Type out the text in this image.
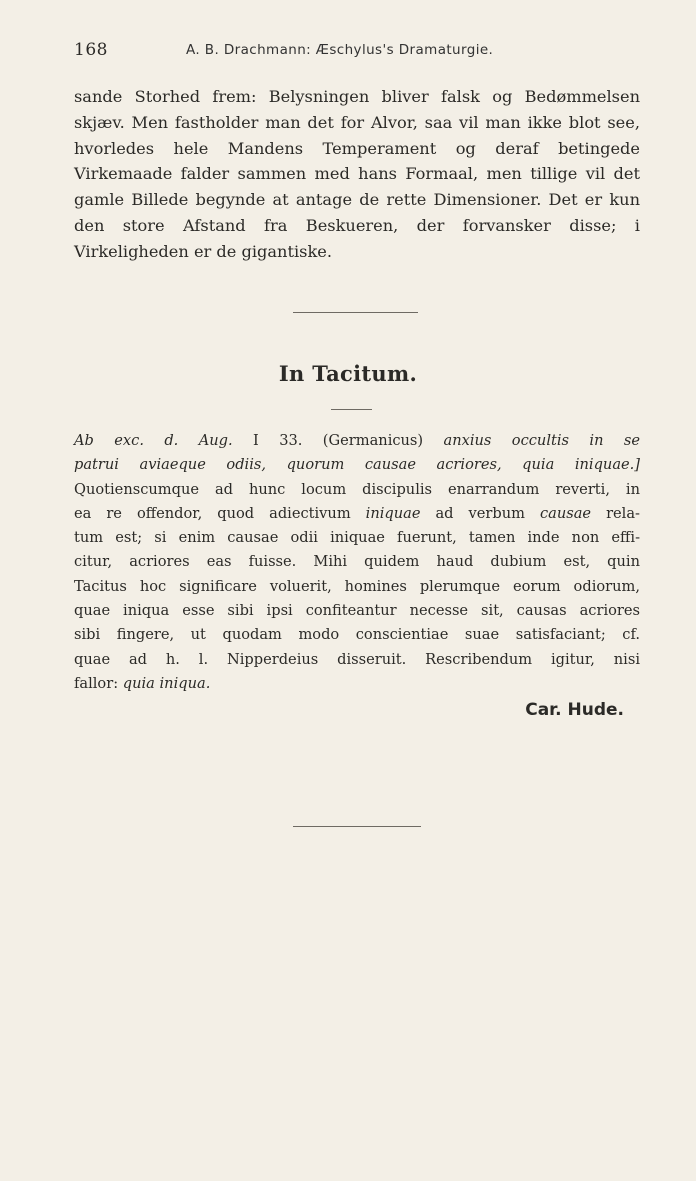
168	A. B. Drachmann: Æschylus's Dramaturgie.
sande Storhed frem: Belysningen bliver falsk og Bedømmelsen skjæv. Men fastholder man det for Alvor, saa vil man ikke blot see, hvorledes hele Mandens Temperament og deraf betingede Virkemaade falder sammen med hans Formaal, men tillige vil det gamle Billede begynde at antage de rette Dimensioner. Det er kun den store Afstand fra Beskueren, der forvansker disse; i Virkeligheden er de gigantiske.
In Tacitum.
Ab exc. d. Aug. I 33. (Germanicus) anxius occultis in se
patrui aviaeque odiis, quorum causae acriores, quia iniquae.]
Quotienscumque ad hunc locum discipulis enarrandum reverti, in
ea re offendor, quod adiectivum iniquae ad verbum causae rela-
tum est; si enim causae odii iniquae fuerunt, tamen inde non effi-
citur, acriores eas fuisse. Mihi quidem haud dubium est, quin
Tacitus hoc significare voluerit, homines plerumque eorum odiorum,
quae iniqua esse sibi ipsi confiteantur necesse sit, causas acriores
sibi fingere, ut quodam modo conscientiae suae satisfaciant; cf.
quae ad h. l. Nipperdeius disseruit. Rescribendum igitur, nisi
fallor: quia iniqua.
Car. Hude.
